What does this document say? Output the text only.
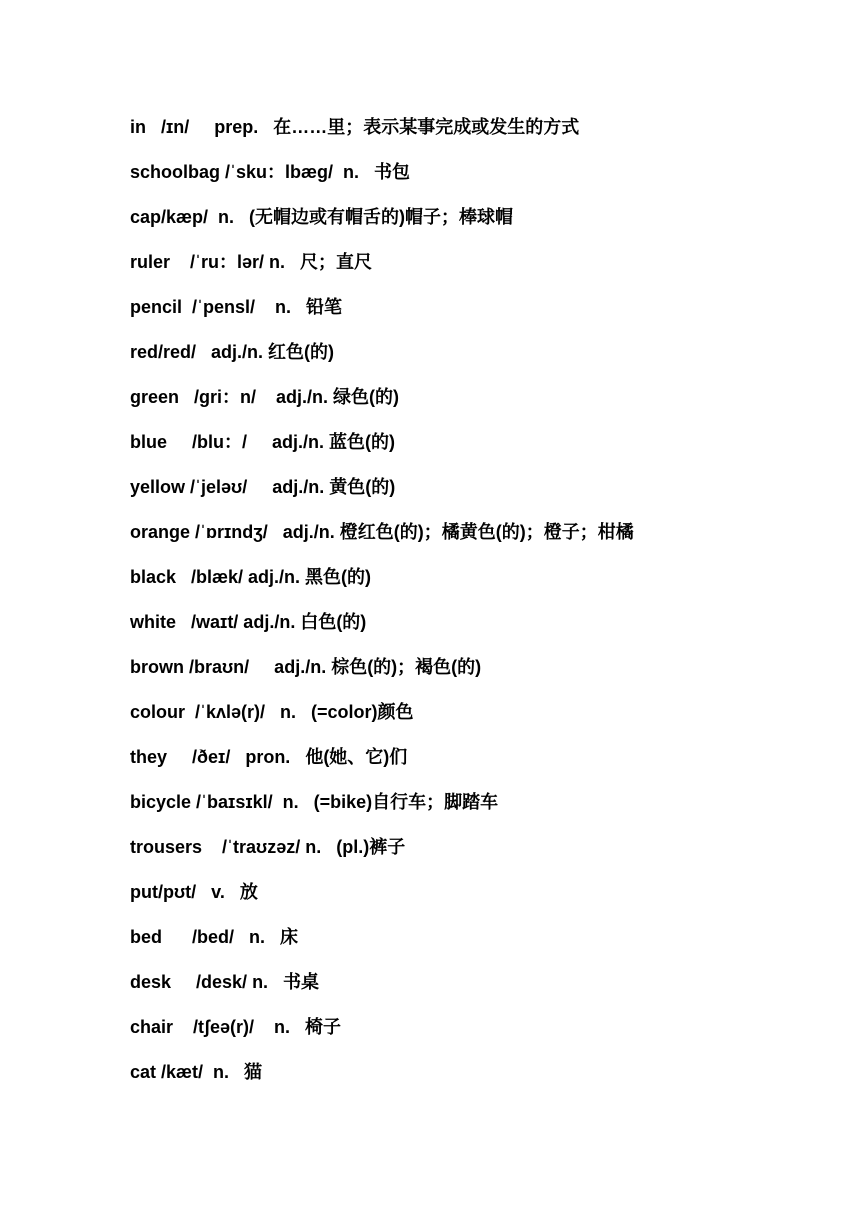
in   /ɪn/     prep.   在……里；表示某事完成或发生的方式
schoolbag /ˈsku：lbæg/  n.   书包
cap/kæp/  n.   (无帽边或有帽舌的)帽子；棒球帽
ruler    /ˈru：lər/ n.   尺；直尺
pencil  /ˈpensl/    n.   铅笔
red/red/   adj./n. 红色(的)
green   /ɡri：n/    adj./n. 绿色(的)
blue     /blu：/     adj./n. 蓝色(的)
yellow /ˈjeləʊ/     adj./n. 黄色(的)
orange /ˈɒrɪndʒ/   adj./n. 橙红色(的)；橘黄色(的)；橙子；柑橘
black   /blæk/ adj./n. 黑色(的)
white   /waɪt/ adj./n. 白色(的)
brown /braʊn/     adj./n. 棕色(的)；褐色(的)
colour  /ˈkʌlə(r)/   n.   (=color)颜色
they     /ðeɪ/   pron.   他(她、它)们
bicycle /ˈbaɪsɪkl/  n.   (=bike)自行车；脚踏车
trousers    /ˈtraʊzəz/ n.   (pl.)裤子
put/pʊt/   v.   放
bed      /bed/   n.   床
desk     /desk/ n.   书桌
chair    /tʃeə(r)/    n.   椅子
cat /kæt/  n.   猫
